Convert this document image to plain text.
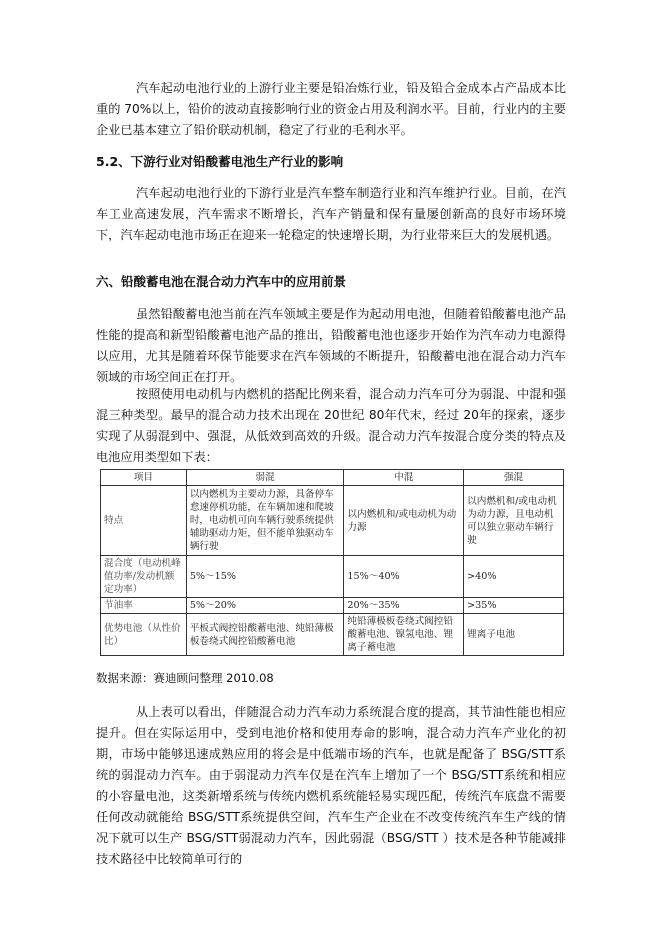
汽车起动电池行业的上游行业主要是铅冶炼行业，铅及铅合金成本占产品成本比重的 70%以上，铅价的波动直接影响行业的资金占用及利润水平。目前，行业内的主要企业已基本建立了铅价联动机制，稳定了行业的毛利水平。

5.2、下游行业对铅酸蓄电池生产行业的影响

汽车起动电池行业的下游行业是汽车整车制造行业和汽车维护行业。目前，在汽车工业高速发展，汽车需求不断增长，汽车产销量和保有量屡创新高的良好市场环境下，汽车起动电池市场正在迎来一轮稳定的快速增长期，为行业带来巨大的发展机遇。

六、铅酸蓄电池在混合动力汽车中的应用前景

虽然铅酸蓄电池当前在汽车领域主要是作为起动用电池，但随着铅酸蓄电池产品性能的提高和新型铅酸蓄电池产品的推出，铅酸蓄电池也逐步开始作为汽车动力电源得以应用，尤其是随着环保节能要求在汽车领域的不断提升，铅酸蓄电池在混合动力汽车领域的市场空间正在打开。

按照使用电动机与内燃机的搭配比例来看，混合动力汽车可分为弱混、中混和强混三种类型。最早的混合动力技术出现在 20世纪 80年代末，经过 20年的探索，逐步实现了从弱混到中、强混，从低效到高效的升级。混合动力汽车按混合度分类的特点及电池应用类型如下表：

项目	弱混	中混	强混
特点	以内燃机为主要动力源，具备停车怠速停机功能，在车辆加速和爬坡时，电动机可向车辆行驶系统提供辅助驱动力矩，但不能单独驱动车辆行驶	以内燃机和/或电动机为动力源	以内燃机和/或电动机为动力源，且电动机可以独立驱动车辆行驶
混合度（电动机峰值功率/发动机额定功率）	5%～15%	15%～40%	>40%
节油率	5%～20%	20%～35%	>35%
优势电池（从性价比）	平板式阀控铅酸蓄电池、纯铅薄极板卷绕式阀控铅酸蓄电池	纯铅薄极板卷绕式阀控铅酸蓄电池、镍氢电池、锂离子蓄电池	锂离子电池

数据来源：赛迪顾问整理 2010.08

从上表可以看出，伴随混合动力汽车动力系统混合度的提高，其节油性能也相应提升。但在实际运用中，受到电池价格和使用寿命的影响，混合动力汽车产业化的初期，市场中能够迅速成熟应用的将会是中低端市场的汽车，也就是配备了 BSG/STT系统的弱混动力汽车。由于弱混动力汽车仅是在汽车上增加了一个 BSG/STT系统和相应的小容量电池，这类新增系统与传统内燃机系统能轻易实现匹配，传统汽车底盘不需要任何改动就能给 BSG/STT系统提供空间，汽车生产企业在不改变传统汽车生产线的情况下就可以生产 BSG/STT弱混动力汽车，因此弱混（BSG/STT ）技术是各种节能减排技术路径中比较简单可行的
